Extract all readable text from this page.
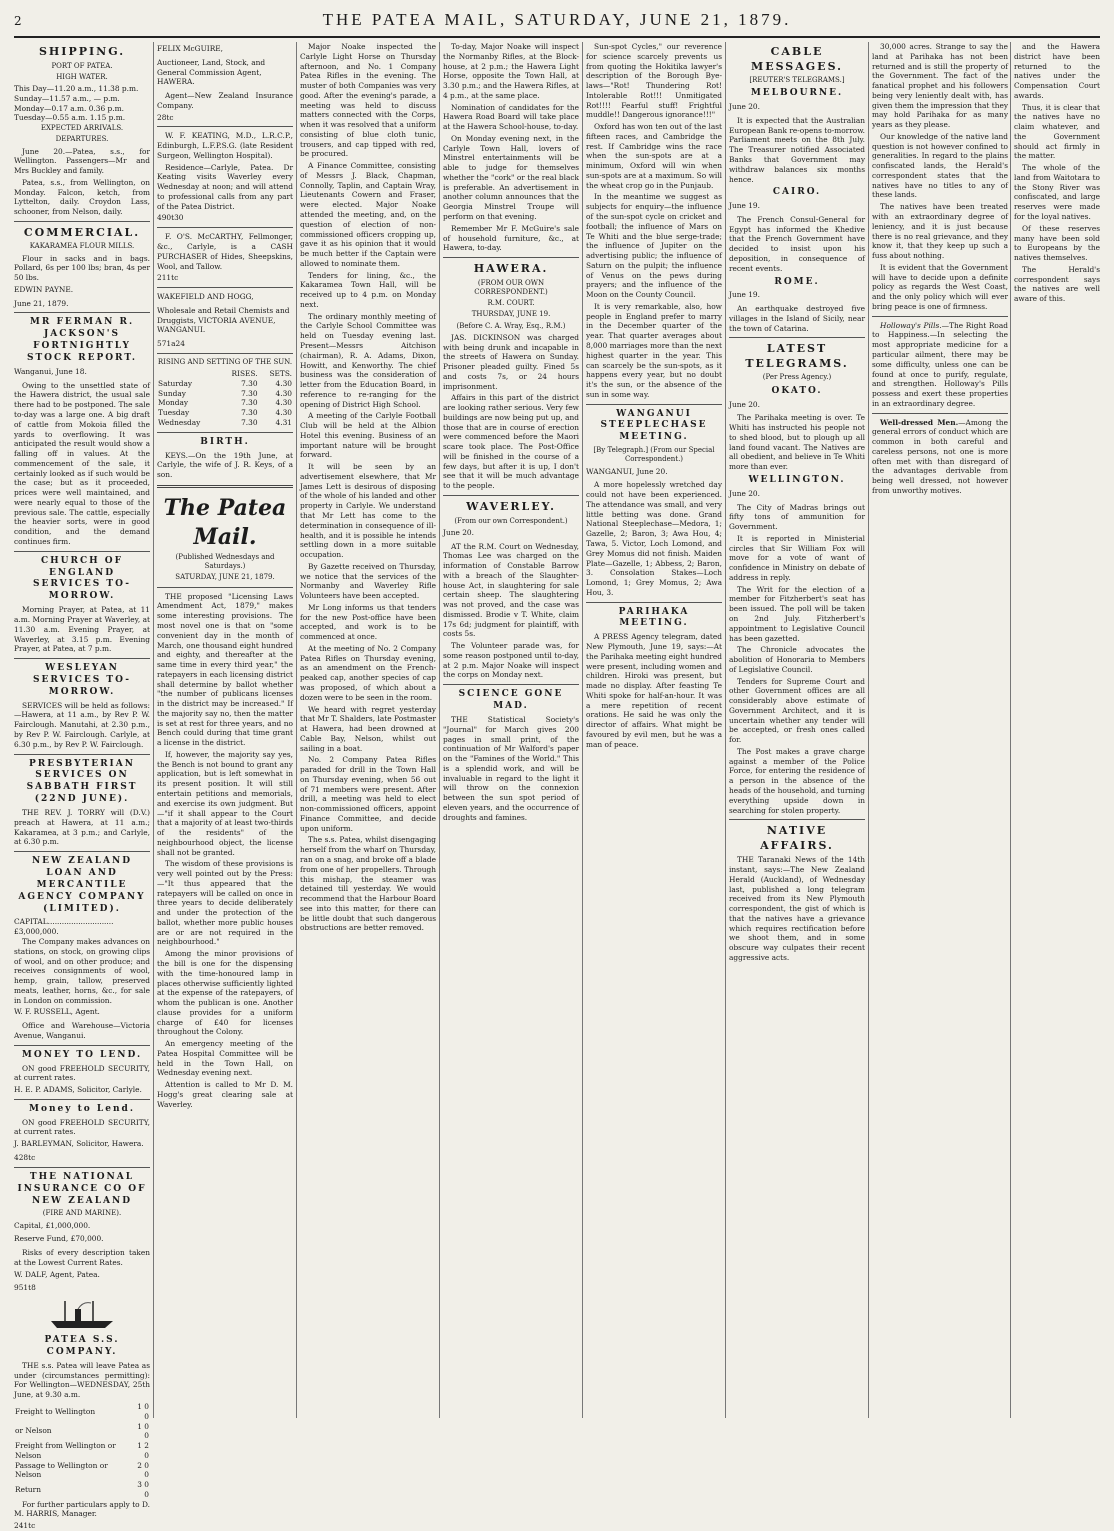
2	THE PATEA MAIL, SATURDAY, JUNE 21, 1879.
SHIPPING.
PORT OF PATEA.
HIGH WATER.
This Day—11.20 a.m., 11.38 p.m.
Sunday—11.57 a.m., — p.m.
Monday—0.17 a.m. 0.36 p.m.
Tuesday—0.55 a.m. 1.15 p.m.
EXPECTED ARRIVALS.
DEPARTURES.

June 20.—Patea, s.s., for Wellington. Passengers—Mr and Mrs Buckley and family.

Patea, s.s., from Wellington, on Monday. Falcon, ketch, from Lyttelton, daily. Croydon Lass, schooner, from Nelson, daily.

COMMERCIAL.
KAKARAMEA FLOUR MILLS.

Flour in sacks and in bags. Pollard, 6s per 100 lbs; bran, 4s per 50 lbs.

EDWIN PAYNE.
June 21, 1879.
MR FERMAN R. JACKSON'S FORTNIGHTLY STOCK REPORT.
Wanganui, June 18.

Owing to the unsettled state of the Hawera district, the usual sale there had to be postponed. The sale to-day was a large one. A big draft of cattle from Mokoia filled the yards to overflowing. It was anticipated the result would show a falling off in values. At the commencement of the sale, it certainly looked as if such would be the case; but as it proceeded, prices were well maintained, and were nearly equal to those of the previous sale. The cattle, especially the heavier sorts, were in good condition, and the demand continues firm.

CHURCH OF ENGLAND SERVICES TO-MORROW.

Morning Prayer, at Patea, at 11 a.m. Morning Prayer at Waverley, at 11.30 a.m. Evening Prayer, at Waverley, at 3.15 p.m. Evening Prayer, at Patea, at 7 p.m.

WESLEYAN SERVICES TO-MORROW.

SERVICES will be held as follows:—Hawera, at 11 a.m., by Rev P. W. Fairclough. Manutahi, at 2.30 p.m., by Rev P. W. Fairclough. Carlyle, at 6.30 p.m., by Rev P. W. Fairclough.

PRESBYTERIAN SERVICES ON SABBATH FIRST (22ND JUNE).

THE REV. J. TORRY will (D.V.) preach at Hawera, at 11 a.m.; Kakaramea, at 3 p.m.; and Carlyle, at 6.30 p.m.

NEW ZEALAND LOAN AND MERCANTILE AGENCY COMPANY (LIMITED).
CAPITAL............................£3,000,000.

The Company makes advances on stations, on stock, on growing clips of wool, and on other produce; and receives consignments of wool, hemp, grain, tallow, preserved meats, leather, horns, &c., for sale in London on commission.

W. F. RUSSELL, Agent.

Office and Warehouse—Victoria Avenue, Wanganui.

MONEY TO LEND.

ON good FREEHOLD SECURITY, at current rates.

H. E. P. ADAMS, Solicitor, Carlyle.
Money to Lend.

ON good FREEHOLD SECURITY, at current rates.

J. BARLEYMAN, Solicitor, Hawera.
428tc
THE NATIONAL INSURANCE CO OF NEW ZEALAND
(FIRE AND MARINE).
Capital, £1,000,000.
Reserve Fund, £70,000.

Risks of every description taken at the Lowest Current Rates.

W. DALF, Agent, Patea.
951t8
PATEA S.S. COMPANY.

THE s.s. Patea will leave Patea as under (circumstances permitting): For Wellington—WEDNESDAY, 25th June, at 9.30 a.m.

Freight to Wellington	1 0 0
or Nelson	1 0 0
Freight from Wellington or Nelson	1 2 0
Passage to Wellington or Nelson	2 0 0
Return	3 0 0

For further particulars apply to D. M. HARRIS, Manager.

241tc
FELIX McGUIRE,
Auctioneer, Land, Stock, and General Commission Agent, HAWERA.

Agent—New Zealand Insurance Company.

28tc

W. F. KEATING, M.D., L.R.C.P., Edinburgh, L.F.P.S.G. (late Resident Surgeon, Wellington Hospital).

Residence—Carlyle, Patea. Dr Keating visits Waverley every Wednesday at noon; and will attend to professional calls from any part of the Patea District.

490t30

F. O'S. McCARTHY, Fellmonger, &c., Carlyle, is a CASH PURCHASER of Hides, Sheepskins, Wool, and Tallow.

211tc
WAKEFIELD AND HOGG,
Wholesale and Retail Chemists and Druggists, VICTORIA AVENUE, WANGANUI.
571a24
RISING AND SETTING OF THE SUN.
	RISES.	SETS.
Saturday	7.30	4.30
Sunday	7.30	4.30
Monday	7.30	4.30
Tuesday	7.30	4.30
Wednesday	7.30	4.31
BIRTH.

KEYS.—On the 19th June, at Carlyle, the wife of J. R. Keys, of a son.

The Patea Mail.
(Published Wednesdays and Saturdays.)
SATURDAY, JUNE 21, 1879.

THE proposed "Licensing Laws Amendment Act, 1879," makes some interesting provisions. The most novel one is that on "some convenient day in the month of March, one thousand eight hundred and eighty, and thereafter at the same time in every third year," the ratepayers in each licensing district shall determine by ballot whether "the number of publicans licenses in the district may be increased." If the majority say no, then the matter is set at rest for three years, and no Bench could during that time grant a license in the district.

If, however, the majority say yes, the Bench is not bound to grant any application, but is left somewhat in its present position. It will still entertain petitions and memorials, and exercise its own judgment. But—"if it shall appear to the Court that a majority of at least two-thirds of the residents" of the neighbourhood object, the license shall not be granted.

The wisdom of these provisions is very well pointed out by the Press:—"It thus appeared that the ratepayers will be called on once in three years to decide deliberately and under the protection of the ballot, whether more public houses are or are not required in the neighbourhood."

Among the minor provisions of the bill is one for the dispensing with the time-honoured lamp in places otherwise sufficiently lighted at the expense of the ratepayers, of whom the publican is one. Another clause provides for a uniform charge of £40 for licenses throughout the Colony.

An emergency meeting of the Patea Hospital Committee will be held in the Town Hall, on Wednesday evening next.

Attention is called to Mr D. M. Hogg's great clearing sale at Waverley.

Major Noake inspected the Carlyle Light Horse on Thursday afternoon, and No. 1 Company Patea Rifles in the evening. The muster of both Companies was very good. After the evening's parade, a meeting was held to discuss matters connected with the Corps, when it was resolved that a uniform consisting of blue cloth tunic, trousers, and cap tipped with red, be procured.

A Finance Committee, consisting of Messrs J. Black, Chapman, Connolly, Taplin, and Captain Wray, Lieutenants Cowern and Fraser, were elected. Major Noake attended the meeting, and, on the question of election of non-commissioned officers cropping up, gave it as his opinion that it would be much better if the Captain were allowed to nominate them.

Tenders for lining, &c., the Kakaramea Town Hall, will be received up to 4 p.m. on Monday next.

The ordinary monthly meeting of the Carlyle School Committee was held on Tuesday evening last. Present—Messrs Aitchison (chairman), R. A. Adams, Dixon, Howitt, and Kenworthy. The chief business was the consideration of letter from the Education Board, in reference to re-ranging for the opening of District High School.

A meeting of the Carlyle Football Club will be held at the Albion Hotel this evening. Business of an important nature will be brought forward.

It will be seen by an advertisement elsewhere, that Mr James Lett is desirous of disposing of the whole of his landed and other property in Carlyle. We understand that Mr Lett has come to the determination in consequence of ill-health, and it is possible he intends settling down in a more suitable occupation.

By Gazette received on Thursday, we notice that the services of the Normanby and Waverley Rifle Volunteers have been accepted.

Mr Long informs us that tenders for the new Post-office have been accepted, and work is to be commenced at once.

At the meeting of No. 2 Company Patea Rifles on Thursday evening, as an amendment on the French-peaked cap, another species of cap was proposed, of which about a dozen were to be seen in the room.

We heard with regret yesterday that Mr T. Shalders, late Postmaster at Hawera, had been drowned at Cable Bay, Nelson, whilst out sailing in a boat.

No. 2 Company Patea Rifles paraded for drill in the Town Hall on Thursday evening, when 56 out of 71 members were present. After drill, a meeting was held to elect non-commissioned officers, appoint Finance Committee, and decide upon uniform.

The s.s. Patea, whilst disengaging herself from the wharf on Thursday, ran on a snag, and broke off a blade from one of her propellers. Through this mishap, the steamer was detained till yesterday. We would recommend that the Harbour Board see into this matter, for there can be little doubt that such dangerous obstructions are better removed.

To-day, Major Noake will inspect the Normanby Rifles, at the Block-house, at 2 p.m.; the Hawera Light Horse, opposite the Town Hall, at 3.30 p.m.; and the Hawera Rifles, at 4 p.m., at the same place.

Nomination of candidates for the Hawera Road Board will take place at the Hawera School-house, to-day.

On Monday evening next, in the Carlyle Town Hall, lovers of Minstrel entertainments will be able to judge for themselves whether the "cork" or the real black is preferable. An advertisement in another column announces that the Georgia Minstrel Troupe will perform on that evening.

Remember Mr F. McGuire's sale of household furniture, &c., at Hawera, to-day.

HAWERA.
(FROM OUR OWN CORRESPONDENT.)
R.M. COURT.
THURSDAY, JUNE 19.
(Before C. A. Wray, Esq., R.M.)

JAS. DICKINSON was charged with being drunk and incapable in the streets of Hawera on Sunday. Prisoner pleaded guilty. Fined 5s and costs 7s, or 24 hours imprisonment.

Affairs in this part of the district are looking rather serious. Very few buildings are now being put up, and those that are in course of erection were commenced before the Maori scare took place. The Post-Office will be finished in the course of a few days, but after it is up, I don't see that it will be much advantage to the people.

WAVERLEY.
(From our own Correspondent.)
June 20.

AT the R.M. Court on Wednesday, Thomas Lee was charged on the information of Constable Barrow with a breach of the Slaughter-house Act, in slaughtering for sale certain sheep. The slaughtering was not proved, and the case was dismissed. Brodie v T. White, claim 17s 6d; judgment for plaintiff, with costs 5s.

The Volunteer parade was, for some reason postponed until to-day, at 2 p.m. Major Noake will inspect the corps on Monday next.

SCIENCE GONE MAD.

THE Statistical Society's "Journal" for March gives 200 pages in small print, of the continuation of Mr Walford's paper on the "Famines of the World." This is a splendid work, and will be invaluable in regard to the light it will throw on the connexion between the sun spot period of eleven years, and the occurrence of droughts and famines.

Sun-spot Cycles," our reverence for science scarcely prevents us from quoting the Hokitika lawyer's description of the Borough Bye-laws—"Rot! Thundering Rot! Intolerable Rot!!! Unmitigated Rot!!!! Fearful stuff! Frightful muddle!! Dangerous ignorance!!!"

Oxford has won ten out of the last fifteen races, and Cambridge the rest. If Cambridge wins the race when the sun-spots are at a minimum, Oxford will win when sun-spots are at a maximum. So will the wheat crop go in the Punjaub.

In the meantime we suggest as subjects for enquiry—the influence of the sun-spot cycle on cricket and football; the influence of Mars on Te Whiti and the blue serge-trade; the influence of Jupiter on the advertising public; the influence of Saturn on the pulpit; the influence of Venus on the pews during prayers; and the influence of the Moon on the County Council.

It is very remarkable, also, how people in England prefer to marry in the December quarter of the year. That quarter averages about 8,000 marriages more than the next highest quarter in the year. This can scarcely be the sun-spots, as it happens every year, but no doubt it's the sun, or the absence of the sun in some way.

WANGANUI STEEPLECHASE MEETING.
[By Telegraph.] (From our Special Correspondent.)
WANGANUI, June 20.

A more hopelessly wretched day could not have been experienced. The attendance was small, and very little betting was done. Grand National Steeplechase—Medora, 1; Gazelle, 2; Baron, 3; Awa Hou, 4; Tawa, 5. Victor, Loch Lomond, and Grey Momus did not finish. Maiden Plate—Gazelle, 1; Abbess, 2; Baron, 3. Consolation Stakes—Loch Lomond, 1; Grey Momus, 2; Awa Hou, 3.

PARIHAKA MEETING.

A PRESS Agency telegram, dated New Plymouth, June 19, says:—At the Parihaka meeting eight hundred were present, including women and children. Hiroki was present, but made no display. After feasting Te Whiti spoke for half-an-hour. It was a mere repetition of recent orations. He said he was only the director of affairs. What might be favoured by evil men, but he was a man of peace.

CABLE MESSAGES.
[REUTER'S TELEGRAMS.]
MELBOURNE.
June 20.

It is expected that the Australian European Bank re-opens to-morrow. Parliament meets on the 8th July. The Treasurer notified Associated Banks that Government may withdraw balances six months hence.

CAIRO.
June 19.

The French Consul-General for Egypt has informed the Khedive that the French Government have decided to insist upon his deposition, in consequence of recent events.

ROME.
June 19.

An earthquake destroyed five villages in the Island of Sicily, near the town of Catarina.

LATEST TELEGRAMS.
(Per Press Agency.)
OKATO.
June 20.

The Parihaka meeting is over. Te Whiti has instructed his people not to shed blood, but to plough up all land found vacant. The Natives are all obedient, and believe in Te Whiti more than ever.

WELLINGTON.
June 20.

The City of Madras brings out fifty tons of ammunition for Government.

It is reported in Ministerial circles that Sir William Fox will move for a vote of want of confidence in Ministry on debate of address in reply.

The Writ for the election of a member for Fitzherbert's seat has been issued. The poll will be taken on 2nd July. Fitzherbert's appointment to Legislative Council has been gazetted.

The Chronicle advocates the abolition of Honoraria to Members of Legislative Council.

Tenders for Supreme Court and other Government offices are all considerably above estimate of Government Architect, and it is uncertain whether any tender will be accepted, or fresh ones called for.

The Post makes a grave charge against a member of the Police Force, for entering the residence of a person in the absence of the heads of the household, and turning everything upside down in searching for stolen property.

NATIVE AFFAIRS.

THE Taranaki News of the 14th instant, says:—The New Zealand Herald (Auckland), of Wednesday last, published a long telegram received from its New Plymouth correspondent, the gist of which is that the natives have a grievance which requires rectification before we shoot them, and in some obscure way culpates their recent aggressive acts.

30,000 acres. Strange to say the land at Parihaka has not been returned and is still the property of the Government. The fact of the fanatical prophet and his followers being very leniently dealt with, has given them the impression that they may hold Parihaka for as many years as they please.

Our knowledge of the native land question is not however confined to generalities. In regard to the plains confiscated lands, the Herald's correspondent states that the natives have no titles to any of these lands.

The natives have been treated with an extraordinary degree of leniency, and it is just because there is no real grievance, and they know it, that they keep up such a fuss about nothing.

It is evident that the Government will have to decide upon a definite policy as regards the West Coast, and the only policy which will ever bring peace is one of firmness.

Holloway's Pills.—The Right Road to Happiness.—In selecting the most appropriate medicine for a particular ailment, there may be some difficulty, unless one can be found at once to purify, regulate, and strengthen. Holloway's Pills possess and exert these properties in an extraordinary degree.

Well-dressed Men.—Among the general errors of conduct which are common in both careful and careless persons, not one is more often met with than disregard of the advantages derivable from being well dressed, not however from unworthy motives.

and the Hawera district have been returned to the natives under the Compensation Court awards.

Thus, it is clear that the natives have no claim whatever, and the Government should act firmly in the matter.

The whole of the land from Waitotara to the Stony River was confiscated, and large reserves were made for the loyal natives.

Of these reserves many have been sold to Europeans by the natives themselves.

The Herald's correspondent says the natives are well aware of this.
